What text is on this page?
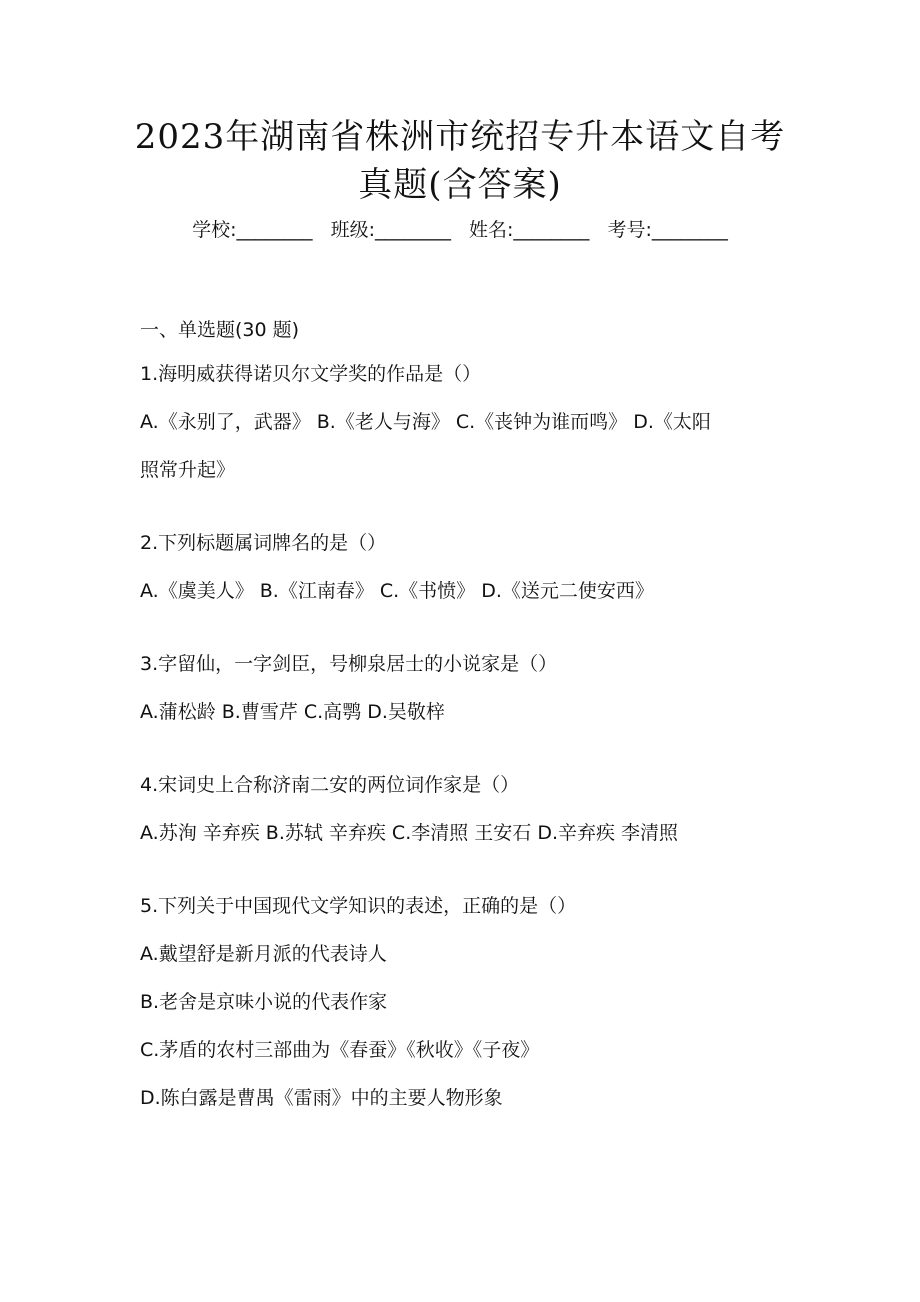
2023年湖南省株洲市统招专升本语文自考
真题(含答案)
学校:________ 班级:________ 姓名:________ 考号:________
一、单选题(30 题)
1.海明威获得诺贝尔文学奖的作品是（）
A.《永别了，武器》 B.《老人与海》 C.《丧钟为谁而鸣》 D.《太阳
照常升起》
2.下列标题属词牌名的是（）
A.《虞美人》 B.《江南春》 C.《书愤》 D.《送元二使安西》
3.字留仙，一字剑臣，号柳泉居士的小说家是（）
A.蒲松龄 B.曹雪芹 C.高鹗 D.吴敬梓
4.宋词史上合称济南二安的两位词作家是（）
A.苏洵 辛弃疾 B.苏轼 辛弃疾 C.李清照 王安石 D.辛弃疾 李清照
5.下列关于中国现代文学知识的表述，正确的是（）
A.戴望舒是新月派的代表诗人
B.老舍是京味小说的代表作家
C.茅盾的农村三部曲为《春蚕》《秋收》《子夜》
D.陈白露是曹禺《雷雨》中的主要人物形象
